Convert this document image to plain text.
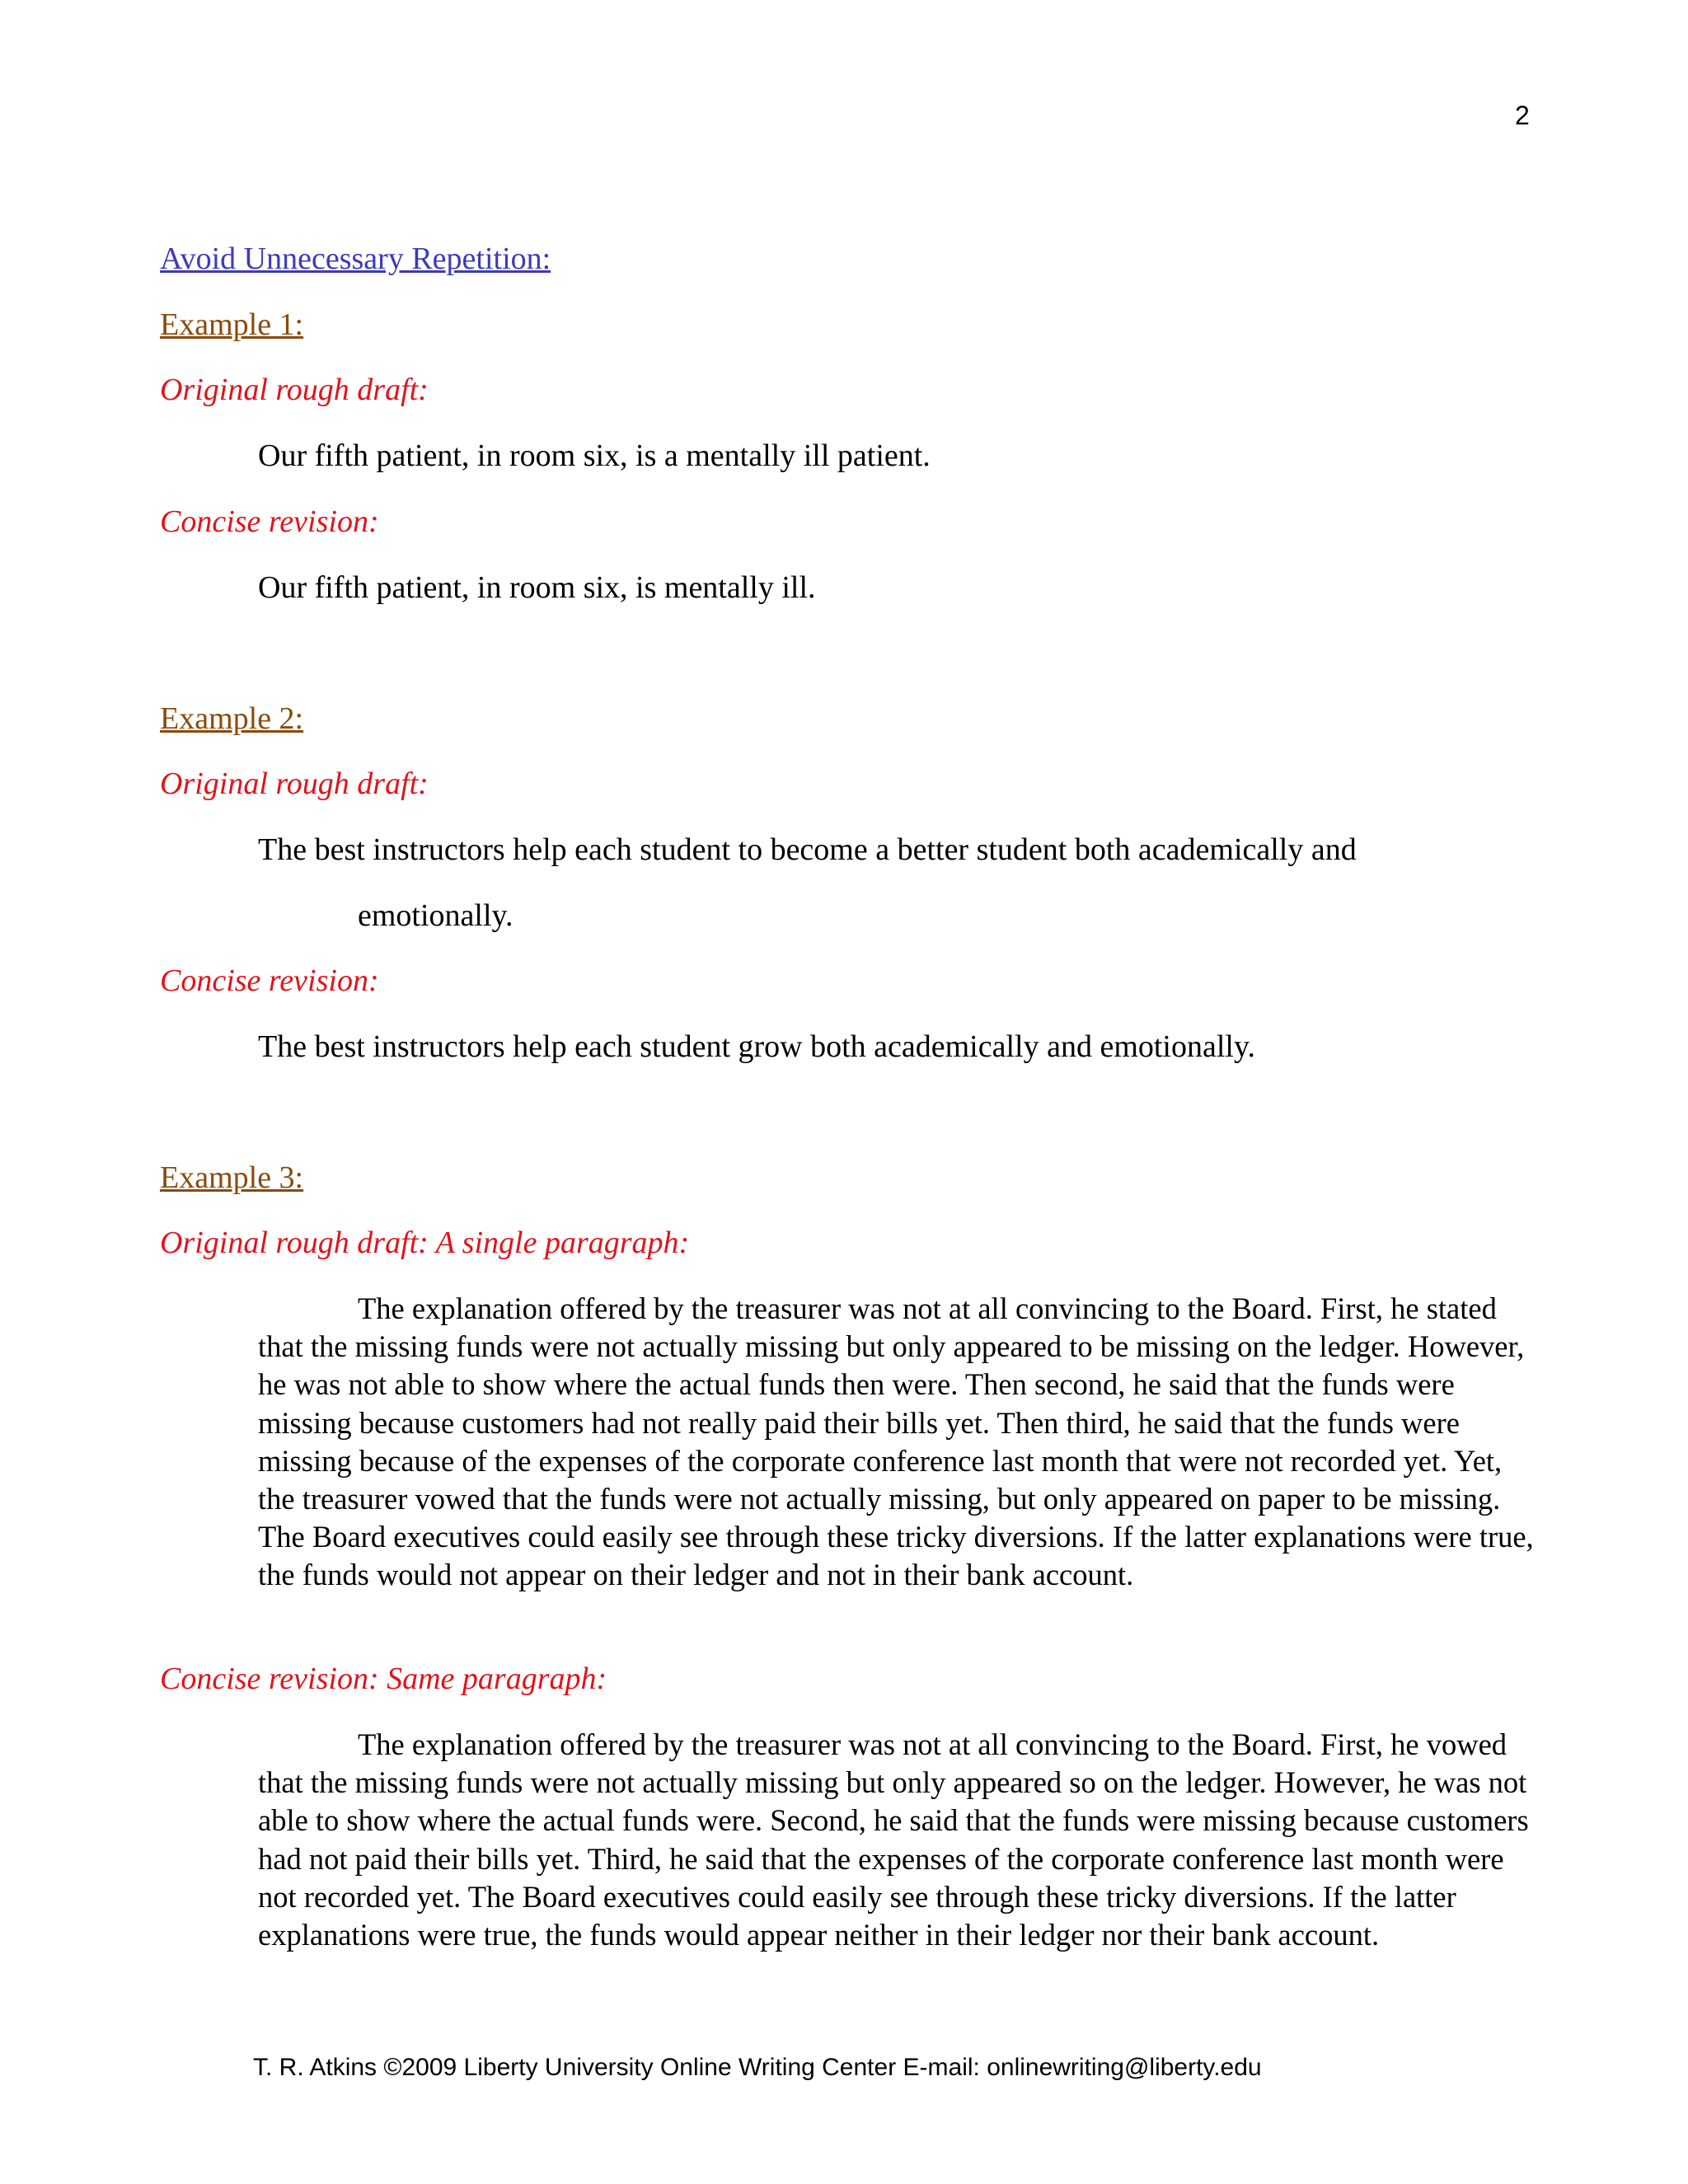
2
Avoid Unnecessary Repetition:
Example 1:
Original rough draft:
Our fifth patient, in room six, is a mentally ill patient.
Concise revision:
Our fifth patient, in room six, is mentally ill.
Example 2:
Original rough draft:
The best instructors help each student to become a better student both academically and
emotionally.
Concise revision:
The best instructors help each student grow both academically and emotionally.
Example 3:
Original rough draft: A single paragraph:

The explanation offered by the treasurer was not at all convincing to the Board. First, he stated that the missing funds were not actually missing but only appeared to be missing on the ledger. However, he was not able to show where the actual funds then were. Then second, he said that the funds were missing because customers had not really paid their bills yet. Then third, he said that the funds were missing because of the expenses of the corporate conference last month that were not recorded yet. Yet, the treasurer vowed that the funds were not actually missing, but only appeared on paper to be missing. The Board executives could easily see through these tricky diversions. If the latter explanations were true, the funds would not appear on their ledger and not in their bank account.

Concise revision: Same paragraph:

The explanation offered by the treasurer was not at all convincing to the Board. First, he vowed that the missing funds were not actually missing but only appeared so on the ledger. However, he was not able to show where the actual funds were. Second, he said that the funds were missing because customers had not paid their bills yet. Third, he said that the expenses of the corporate conference last month were not recorded yet. The Board executives could easily see through these tricky diversions. If the latter explanations were true, the funds would appear neither in their ledger nor their bank account.

T. R. Atkins ©2009 Liberty University Online Writing Center E-mail: onlinewriting@liberty.edu
